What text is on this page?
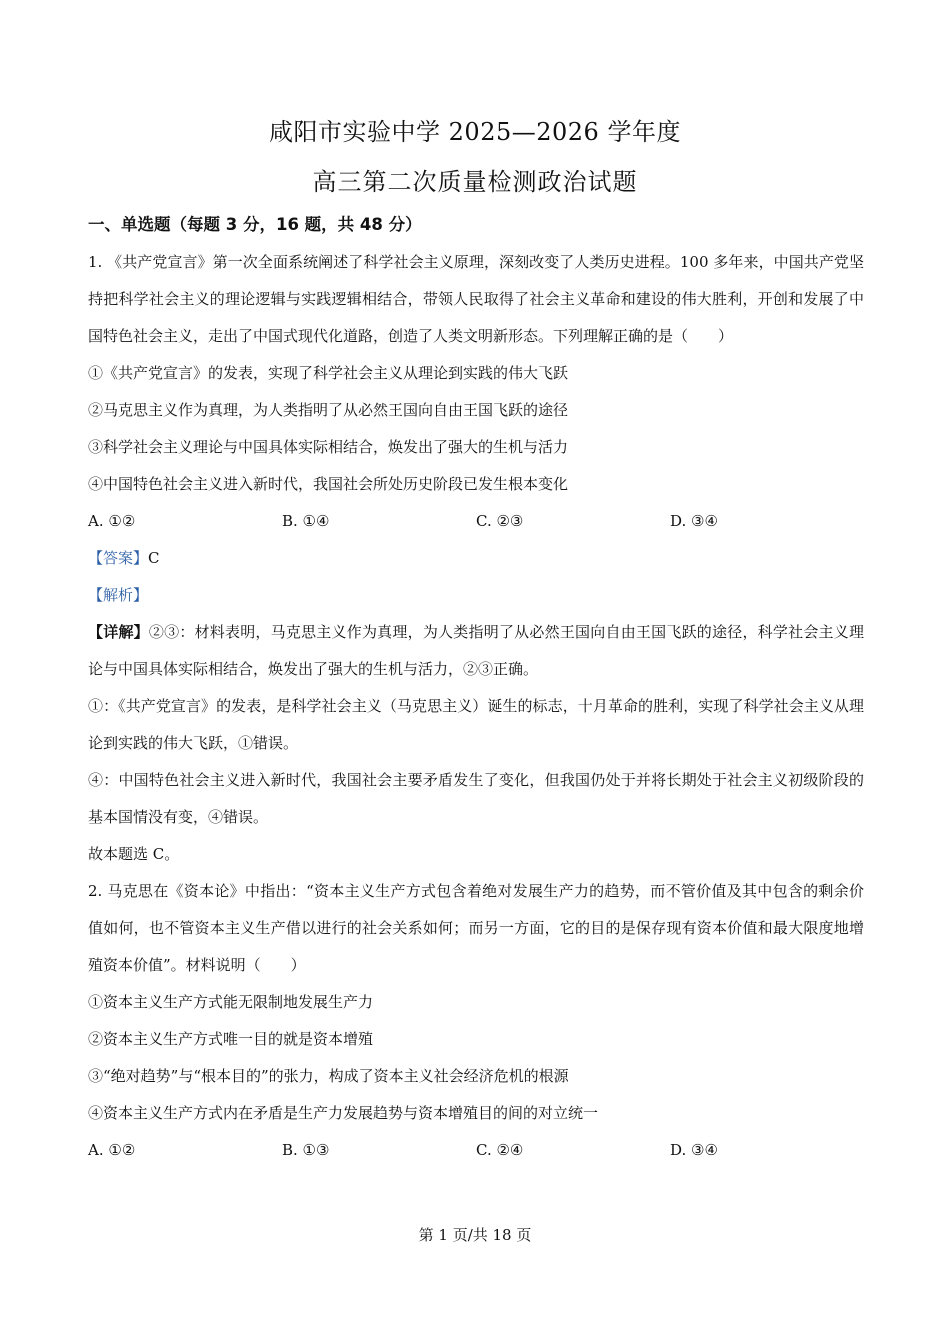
咸阳市实验中学 2025—2026 学年度
高三第二次质量检测政治试题
一、单选题（每题 3 分，16 题，共 48 分）

1. 《共产党宣言》第一次全面系统阐述了科学社会主义原理，深刻改变了人类历史进程。100 多年来，中国共产党坚持把科学社会主义的理论逻辑与实践逻辑相结合，带领人民取得了社会主义革命和建设的伟大胜利，开创和发展了中国特色社会主义，走出了中国式现代化道路，创造了人类文明新形态。下列理解正确的是（　　）

①《共产党宣言》的发表，实现了科学社会主义从理论到实践的伟大飞跃

②马克思主义作为真理，为人类指明了从必然王国向自由王国飞跃的途径

③科学社会主义理论与中国具体实际相结合，焕发出了强大的生机与活力

④中国特色社会主义进入新时代，我国社会所处历史阶段已发生根本变化

A. ①②	B. ①④	C. ②③	D. ③④

【答案】C

【解析】

【详解】②③：材料表明，马克思主义作为真理，为人类指明了从必然王国向自由王国飞跃的途径，科学社会主义理论与中国具体实际相结合，焕发出了强大的生机与活力，②③正确。

①：《共产党宣言》的发表，是科学社会主义（马克思主义）诞生的标志，十月革命的胜利，实现了科学社会主义从理论到实践的伟大飞跃，①错误。

④：中国特色社会主义进入新时代，我国社会主要矛盾发生了变化，但我国仍处于并将长期处于社会主义初级阶段的基本国情没有变，④错误。

故本题选 C。

2. 马克思在《资本论》中指出：“资本主义生产方式包含着绝对发展生产力的趋势，而不管价值及其中包含的剩余价值如何，也不管资本主义生产借以进行的社会关系如何；而另一方面，它的目的是保存现有资本价值和最大限度地增殖资本价值”。材料说明（　　）

①资本主义生产方式能无限制地发展生产力

②资本主义生产方式唯一目的就是资本增殖

③“绝对趋势”与“根本目的”的张力，构成了资本主义社会经济危机的根源

④资本主义生产方式内在矛盾是生产力发展趋势与资本增殖目的间的对立统一

A. ①②	B. ①③	C. ②④	D. ③④
第 1 页/共 18 页
